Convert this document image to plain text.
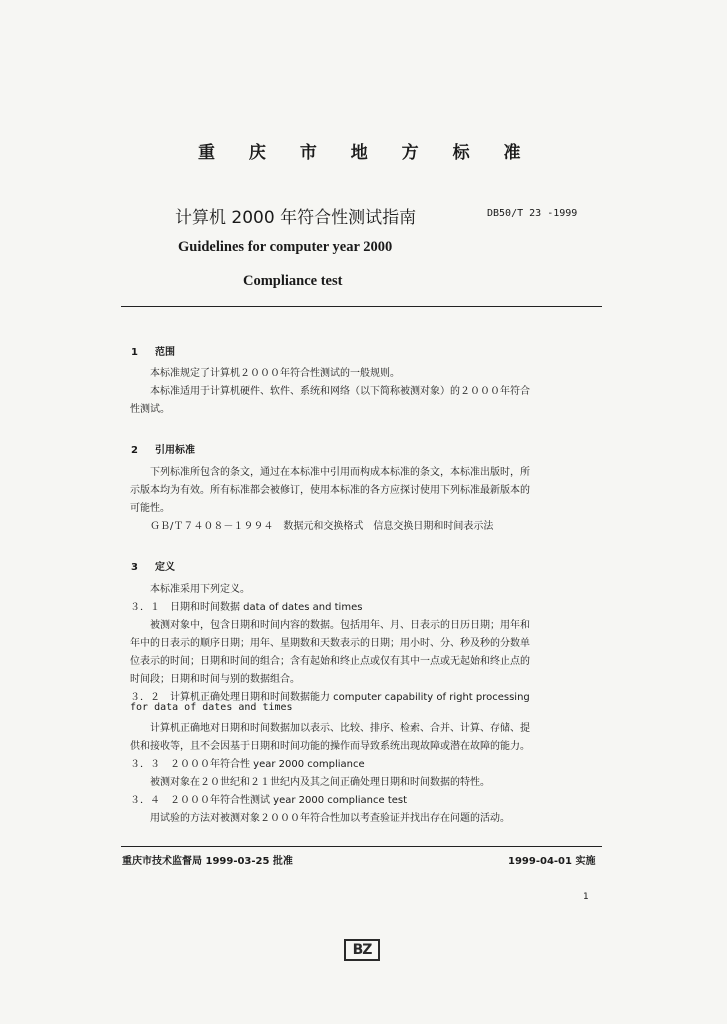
重 庆 市 地 方 标 准
计算机 2000 年符合性测试指南	DB50/T 23 -1999
Guidelines for computer year 2000
Compliance test
1 范围
本标准规定了计算机２０００年符合性测试的一般规则。
本标准适用于计算机硬件、软件、系统和网络（以下简称被测对象）的２０００年符合
性测试。
2 引用标准
下列标准所包含的条文，通过在本标准中引用而构成本标准的条文，本标准出版时，所
示版本均为有效。所有标准都会被修订，使用本标准的各方应探讨使用下列标准最新版本的
可能性。
ＧＢ/Ｔ７４０８－１９９４　数据元和交换格式　信息交换日期和时间表示法
3 定义
本标准采用下列定义。
３．１　日期和时间数据 data of dates and times
被测对象中，包含日期和时间内容的数据。包括用年、月、日表示的日历日期；用年和
年中的日表示的顺序日期；用年、星期数和天数表示的日期；用小时、分、秒及秒的分数单
位表示的时间；日期和时间的组合；含有起始和终止点或仅有其中一点或无起始和终止点的
时间段；日期和时间与别的数据组合。
３．２　计算机正确处理日期和时间数据能力 computer capability of right processing
for data of dates and times
计算机正确地对日期和时间数据加以表示、比较、排序、检索、合并、计算、存储、提
供和接收等，且不会因基于日期和时间功能的操作而导致系统出现故障或潜在故障的能力。
３．３　２０００年符合性 year 2000 compliance
被测对象在２０世纪和２１世纪内及其之间正确处理日期和时间数据的特性。
３．４　２０００年符合性测试 year 2000 compliance test
用试验的方法对被测对象２０００年符合性加以考查验证并找出存在问题的活动。
重庆市技术监督局 1999-03-25 批准	1999-04-01 实施
1
BZ
